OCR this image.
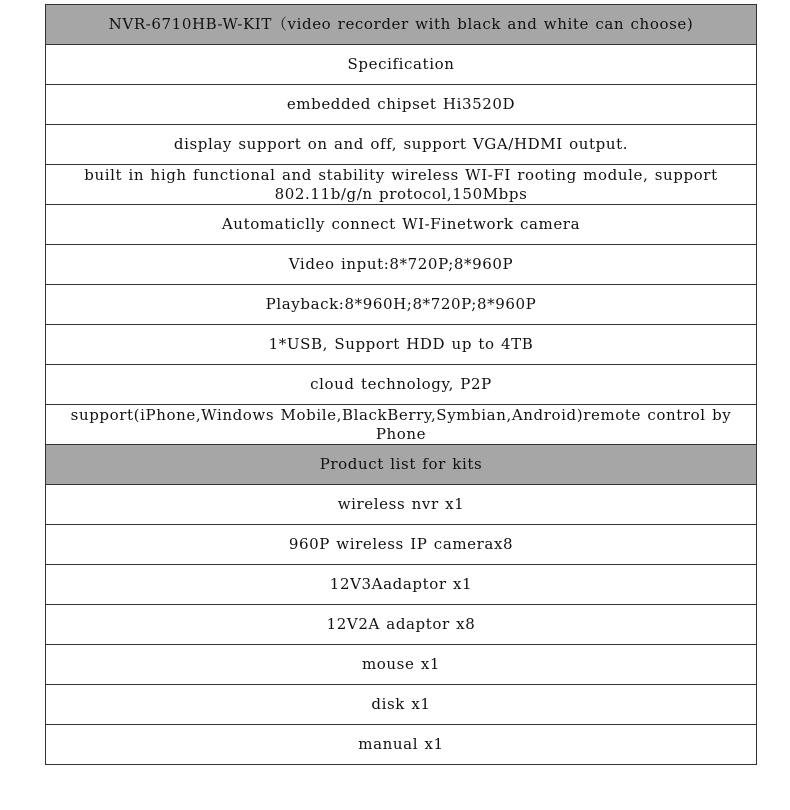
NVR-6710HB-W-KIT（video recorder with black and white can choose)
Specification
embedded chipset Hi3520D
display support on and off, support VGA/HDMI output.
built in high functional and stability wireless WI-FI rooting module, support 802.11b/g/n protocol,150Mbps
Automaticlly connect WI-Finetwork camera
Video input:8*720P;8*960P
Playback:8*960H;8*720P;8*960P
1*USB, Support HDD up to 4TB
cloud technology, P2P
support(iPhone,Windows Mobile,BlackBerry,Symbian,Android)remote control by Phone
Product list for kits
wireless nvr x1
960P wireless IP camerax8
12V3Aadaptor x1
12V2A adaptor x8
mouse x1
disk x1
manual x1
